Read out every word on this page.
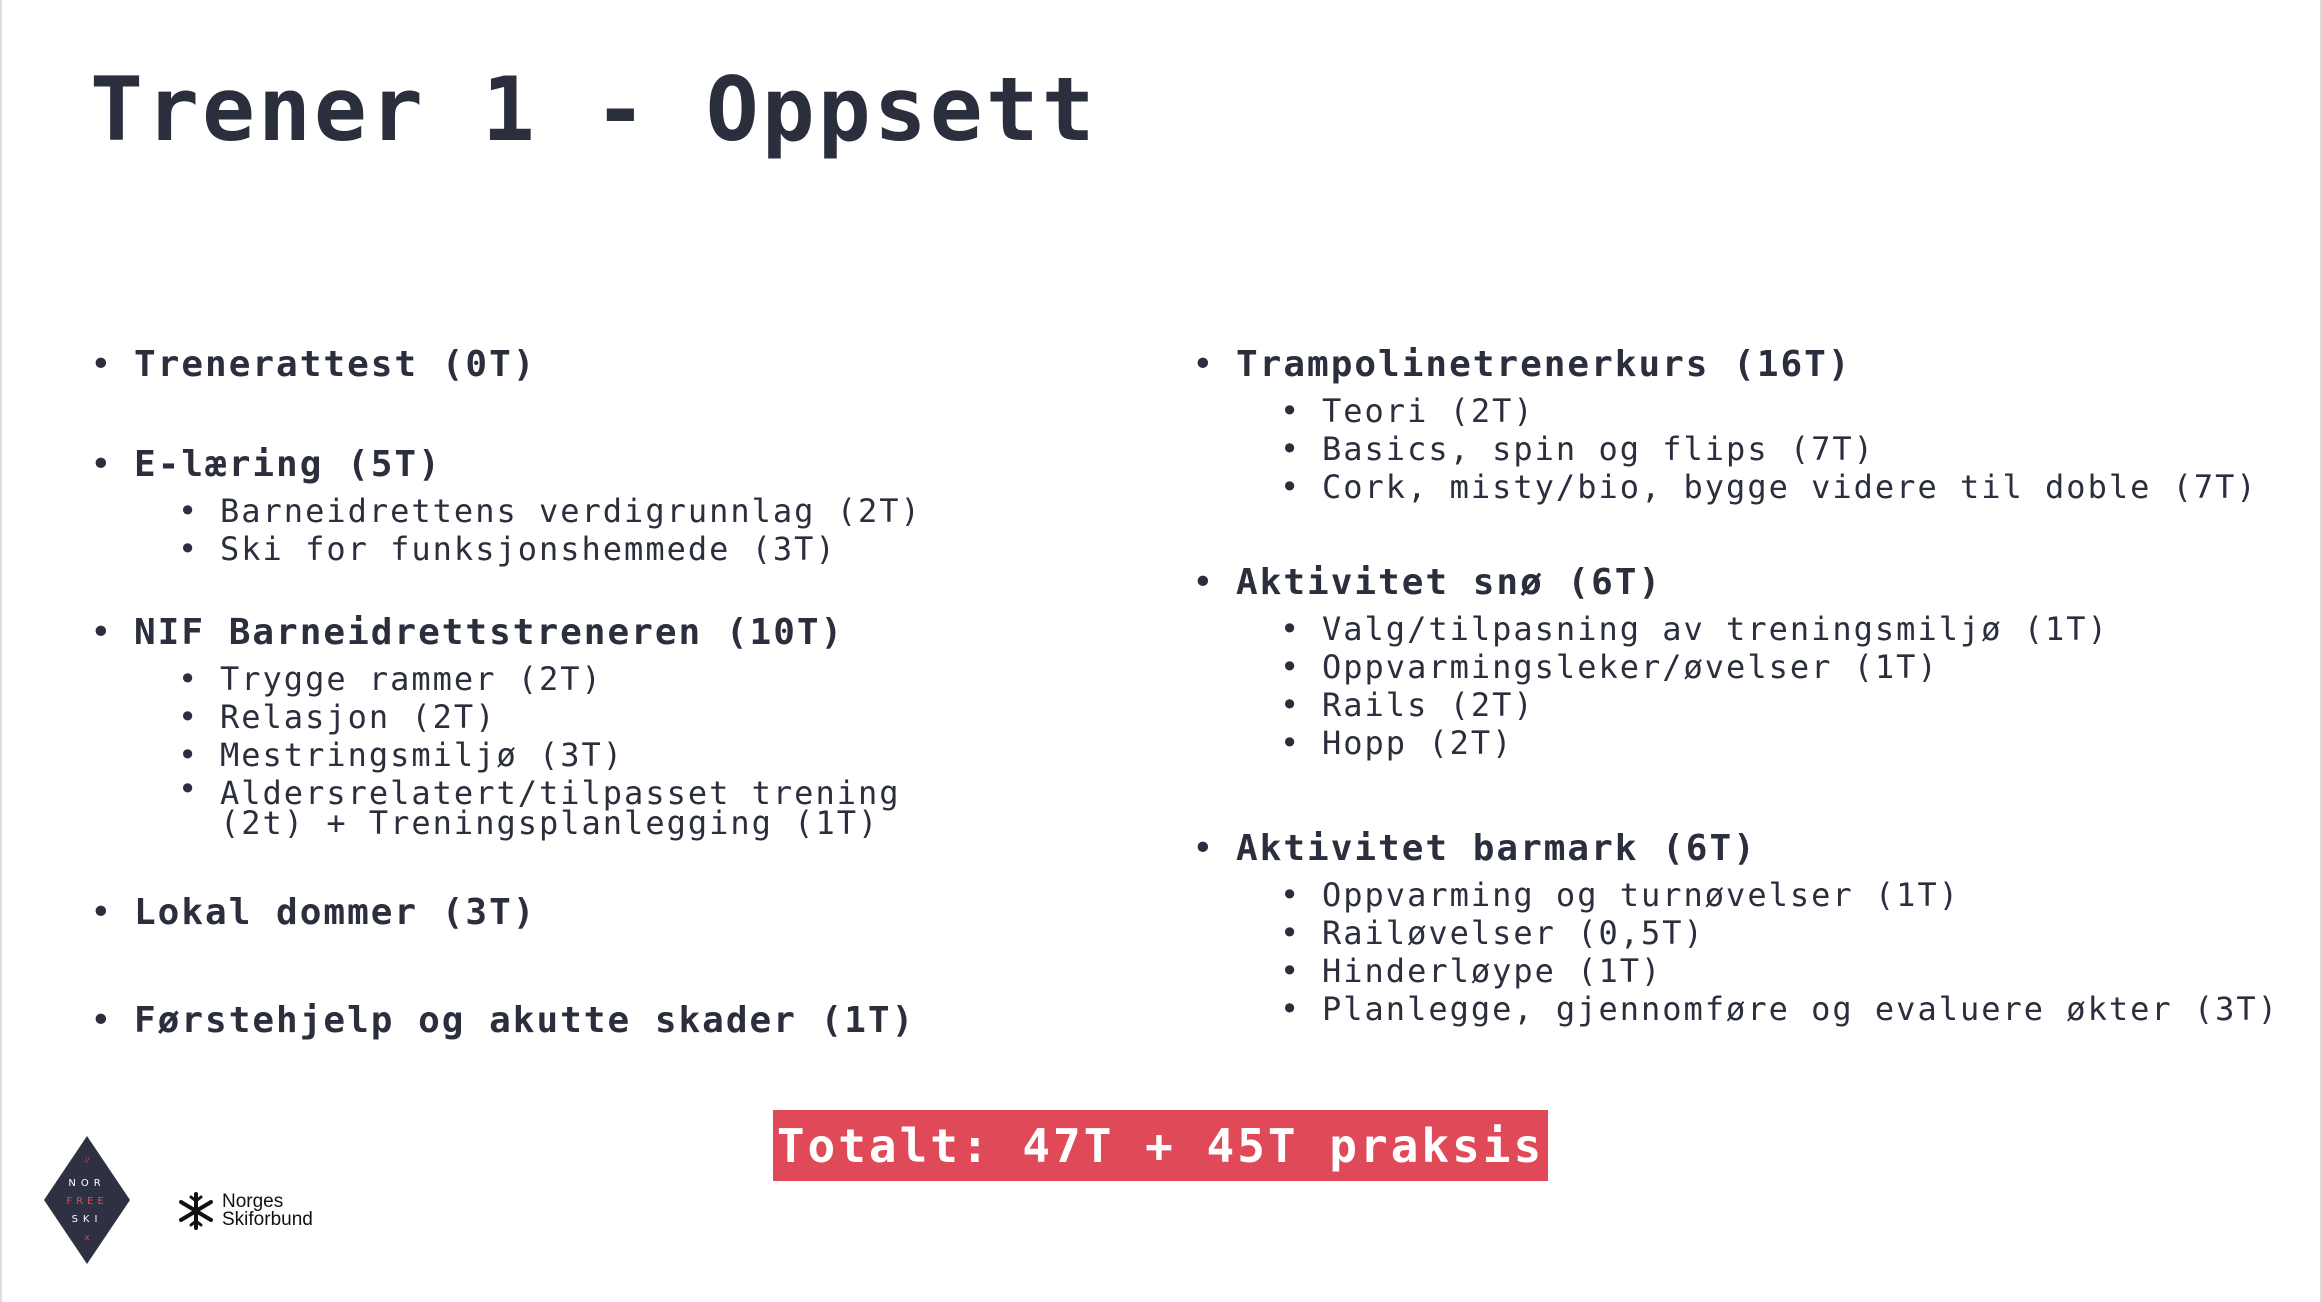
Trener 1 - Oppsett
• Trenerattest (0T)
• E-læring (5T)
• Barneidrettens verdigrunnlag (2T)
• Ski for funksjonshemmede (3T)
• NIF Barneidrettstreneren (10T)
• Trygge rammer (2T)
• Relasjon (2T)
• Mestringsmiljø (3T)
• Aldersrelatert/tilpasset trening (2t) + Treningsplanlegging (1T)
• Lokal dommer (3T)
• Førstehjelp og akutte skader (1T)
• Trampolinetrenerkurs (16T)
• Teori (2T)
• Basics, spin og flips (7T)
• Cork, misty/bio, bygge videre til doble (7T)
• Aktivitet snø (6T)
• Valg/tilpasning av treningsmiljø (1T)
• Oppvarmingsleker/øvelser (1T)
• Rails (2T)
• Hopp (2T)
• Aktivitet barmark (6T)
• Oppvarming og turnøvelser (1T)
• Railøvelser (0,5T)
• Hinderløype (1T)
• Planlegge, gjennomføre og evaluere økter (3T)
Totalt: 47T + 45T praksis
//
NOR
FREE
SKI
x
Norges
Skiforbund
